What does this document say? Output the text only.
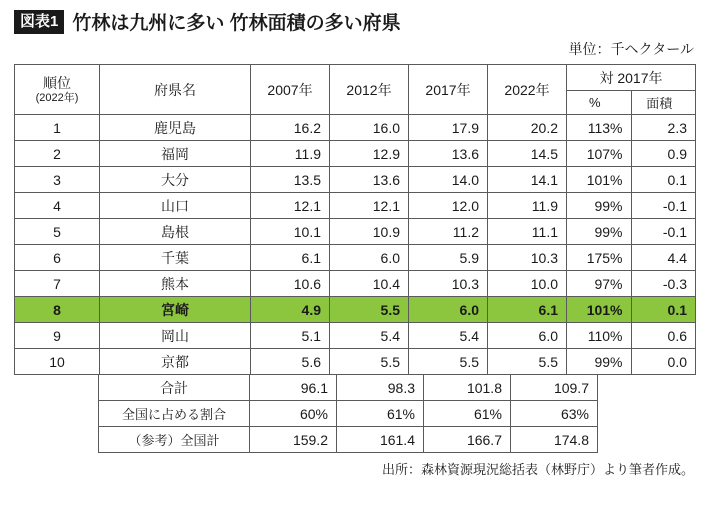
図表1 竹林は九州に多い 竹林面積の多い府県
単位：千ヘクタール
順位
(2022年)	府県名	2007年	2012年	2017年	2022年	対 2017年	
						%	面積
1	鹿児島	16.2	16.0	17.9	20.2	113%	2.3
2	福岡	11.9	12.9	13.6	14.5	107%	0.9
3	大分	13.5	13.6	14.0	14.1	101%	0.1
4	山口	12.1	12.1	12.0	11.9	99%	-0.1
5	島根	10.1	10.9	11.2	11.1	99%	-0.1
6	千葉	6.1	6.0	5.9	10.3	175%	4.4
7	熊本	10.6	10.4	10.3	10.0	97%	-0.3
8	宮崎	4.9	5.5	6.0	6.1	101%	0.1
9	岡山	5.1	5.4	5.4	6.0	110%	0.6
10	京都	5.6	5.5	5.5	5.5	99%	0.0
	合計	96.1	98.3	101.8	109.7		
	全国に占める割合	60%	61%	61%	63%		
	（参考）全国計	159.2	161.4	166.7	174.8		
出所：森林資源現況総括表（林野庁）より筆者作成。
